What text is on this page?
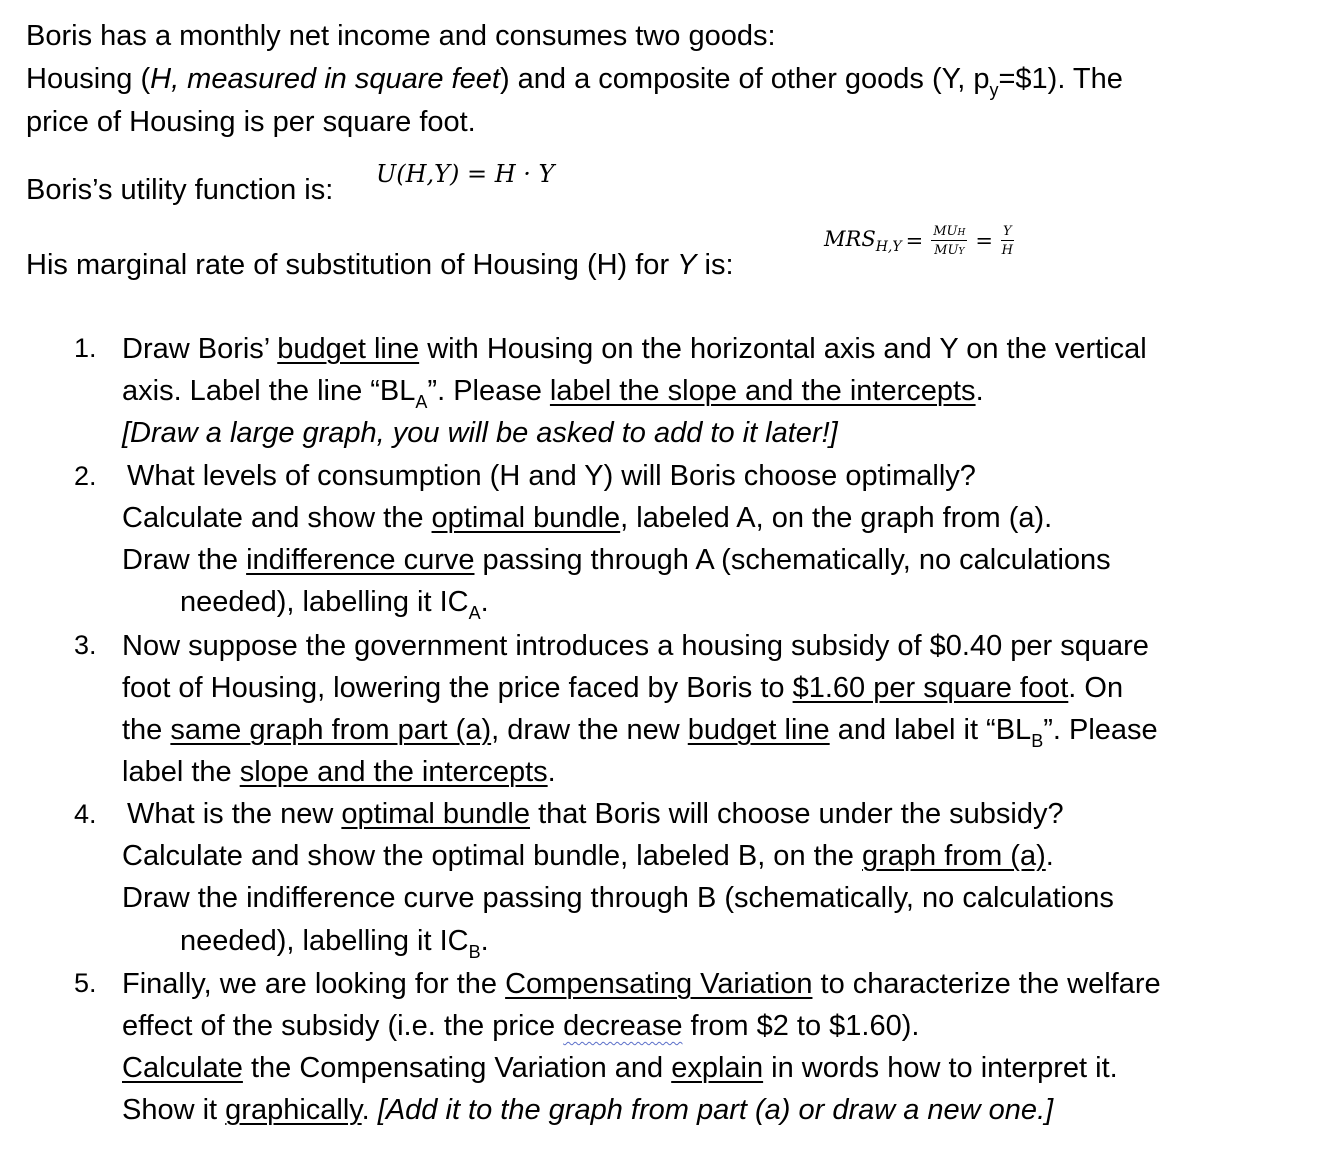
Boris has a monthly net income and consumes two goods:
Housing (H, measured in square feet) and a composite of other goods (Y, $p_y=\$1$). The
price of Housing is per square foot.
Boris’s utility function is: U(H,Y) = H · Y
His marginal rate of substitution of Housing (H) for Y is:
$MRS_{H,Y} = \frac{\text{MUH}}{\text{MUY}} = \frac{Y}{H}$
1. Draw Boris’ budget line with Housing on the horizontal axis and Y on the vertical
axis. Label the line “$BL_A$”. Please label the slope and the intercepts.
[Draw a large graph, you will be asked to add to it later!]
2. What levels of consumption (H and Y) will Boris choose optimally?
Calculate and show the optimal bundle, labeled A, on the graph from (a).
Draw the indifference curve passing through A (schematically, no calculations
needed), labelling it $IC_A$.
3. Now suppose the government introduces a housing subsidy of $0.40 per square
foot of Housing, lowering the price faced by Boris to $1.60 per square foot. On
the same graph from part (a), draw the new budget line and label it “$BL_B$”. Please
label the slope and the intercepts.
4. What is the new optimal bundle that Boris will choose under the subsidy?
Calculate and show the optimal bundle, labeled B, on the graph from (a).
Draw the indifference curve passing through B (schematically, no calculations
needed), labelling it $IC_B$.
5. Finally, we are looking for the Compensating Variation to characterize the welfare
effect of the subsidy (i.e. the price decrease from $2 to $1.60).
Calculate the Compensating Variation and explain in words how to interpret it.
Show it graphically. [Add it to the graph from part (a) or draw a new one.]
